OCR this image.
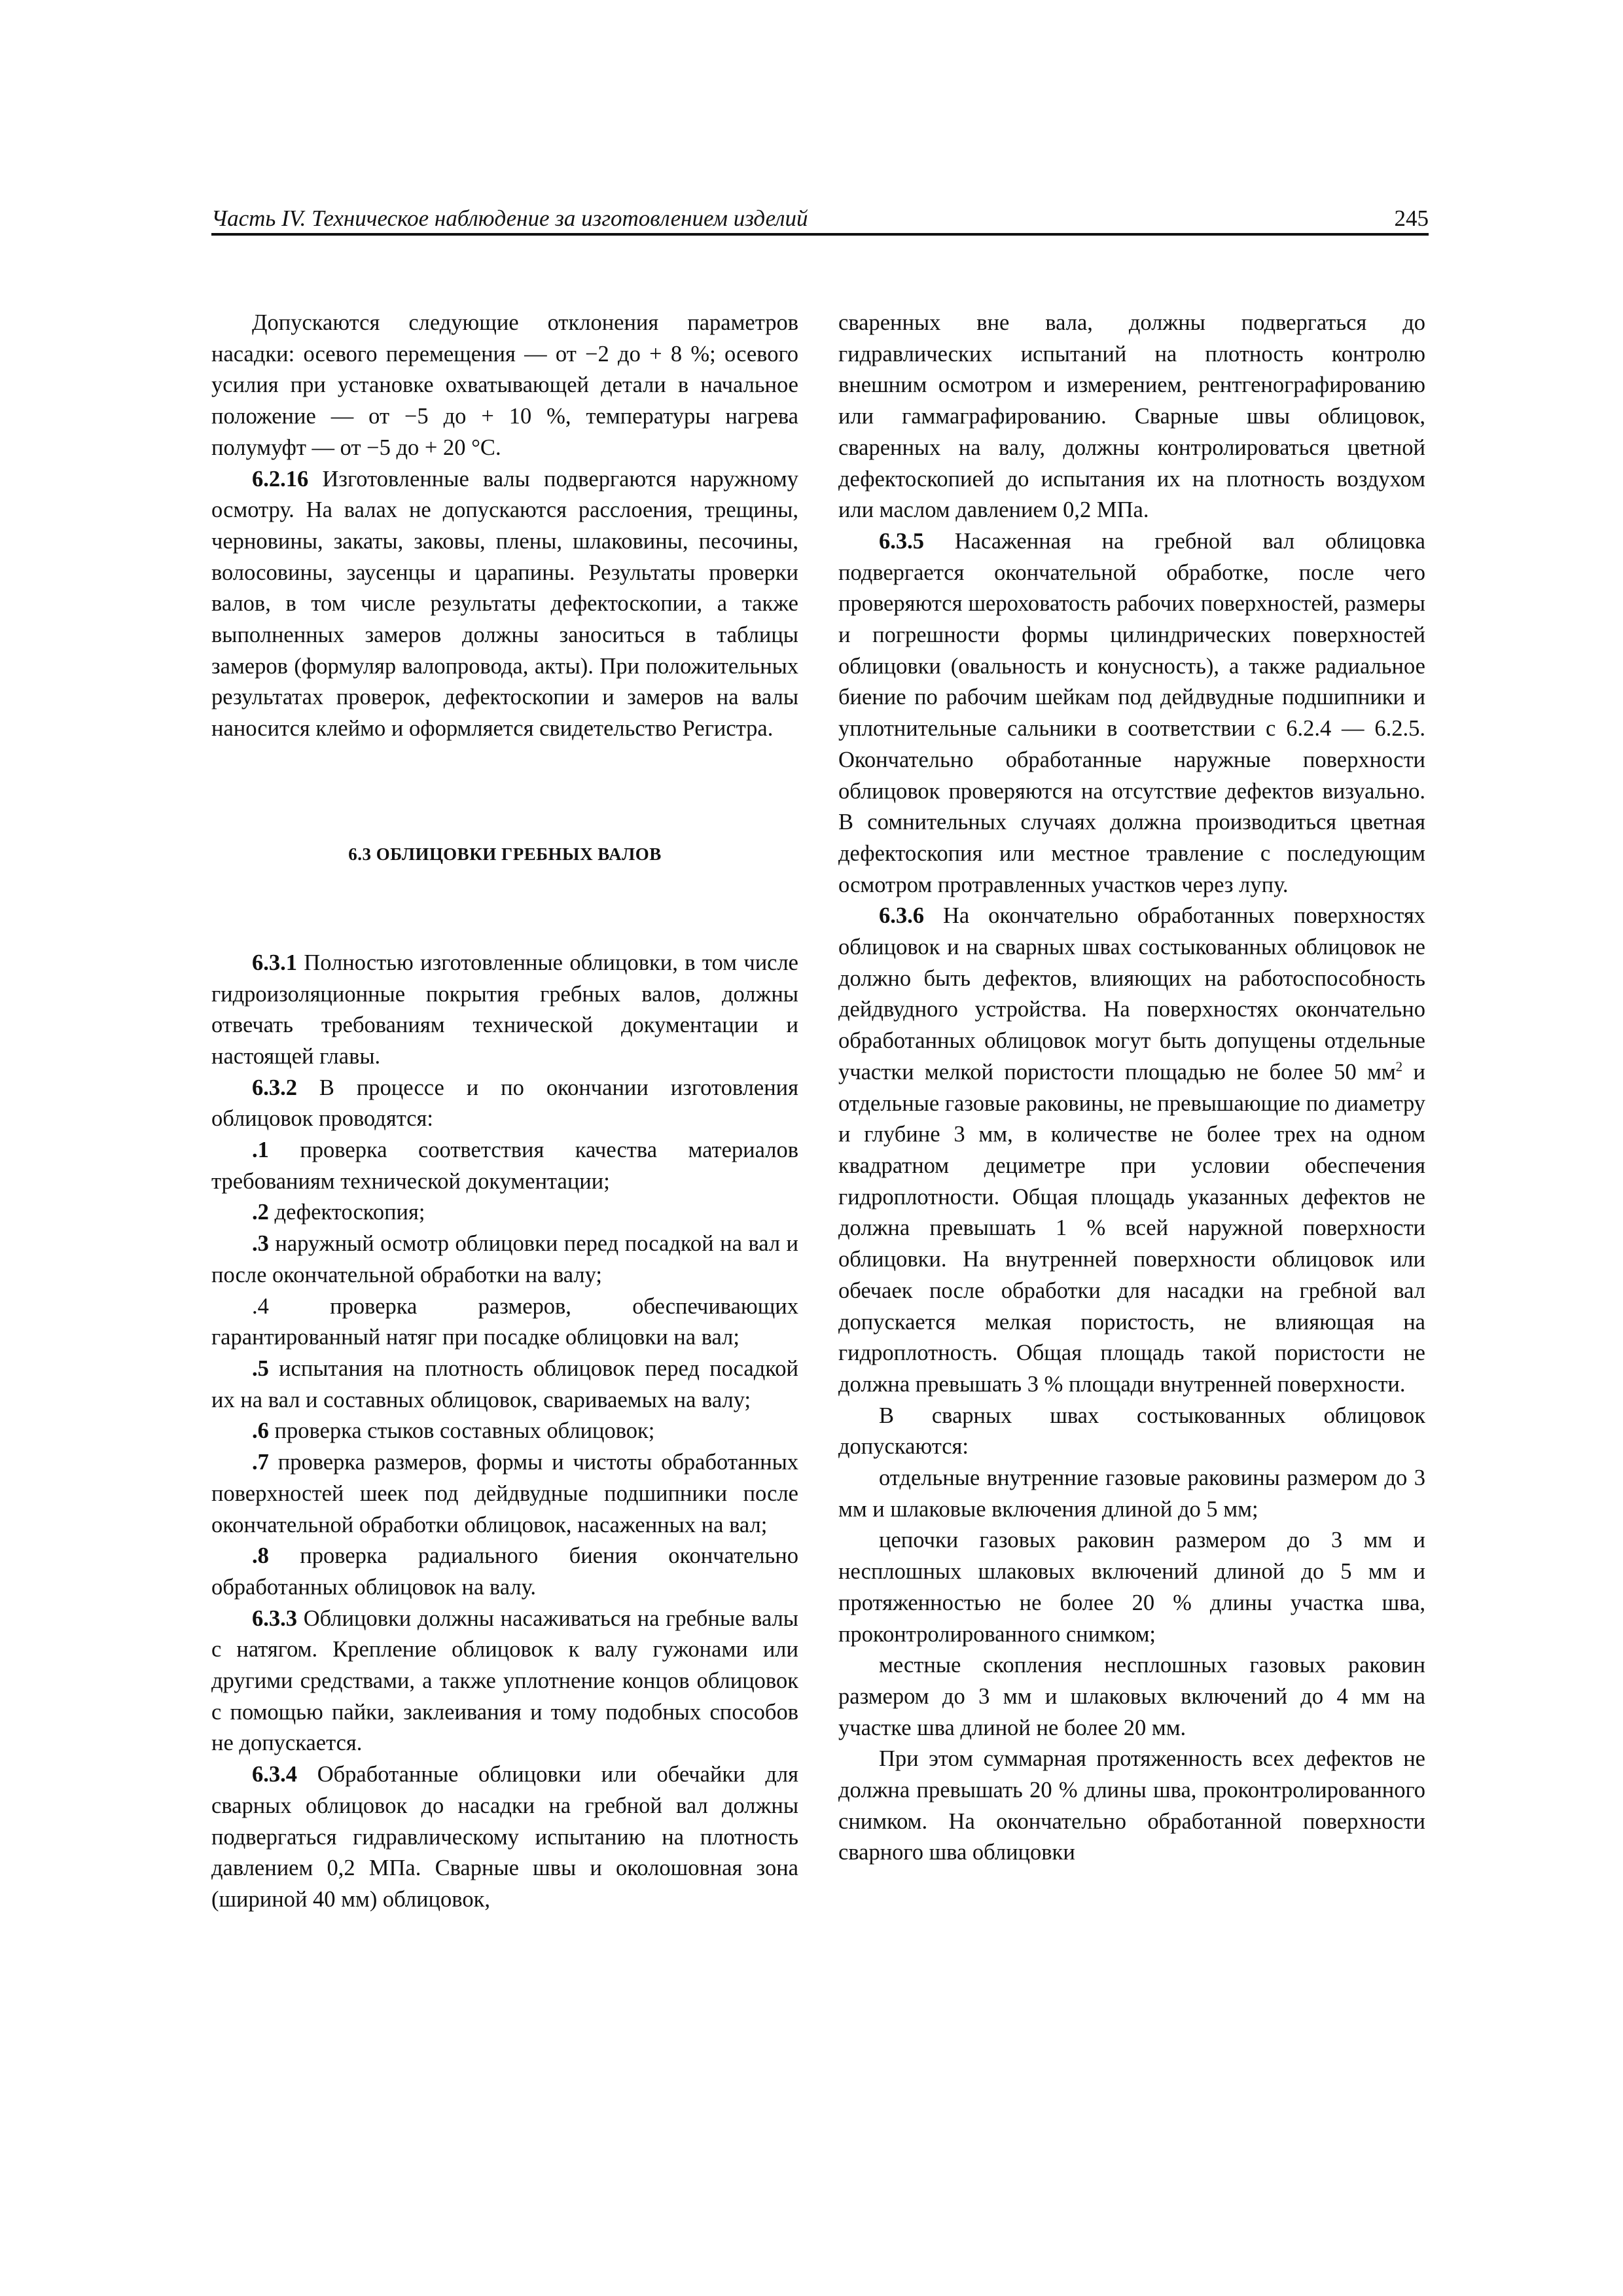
Часть IV. Техническое наблюдение за изготовлением изделий	245

Допускаются следующие отклонения параметров насадки: осевого перемещения — от −2 до + 8 %; осевого усилия при установке охватывающей детали в начальное положение — от −5 до + 10 %, температуры нагрева полумуфт — от −5 до + 20 °С.

6.2.16 Изготовленные валы подвергаются наружному осмотру. На валах не допускаются расслоения, трещины, черновины, закаты, заковы, плены, шлаковины, песочины, волосовины, заусенцы и царапины. Результаты проверки валов, в том числе результаты дефектоскопии, а также выполненных замеров должны заноситься в таблицы замеров (формуляр валопровода, акты). При положительных результатах проверок, дефектоскопии и замеров на валы наносится клеймо и оформляется свидетельство Регистра.

6.3 ОБЛИЦОВКИ ГРЕБНЫХ ВАЛОВ

6.3.1 Полностью изготовленные облицовки, в том числе гидроизоляционные покрытия гребных валов, должны отвечать требованиям технической документации и настоящей главы.

6.3.2 В процессе и по окончании изготовления облицовок проводятся:

.1 проверка соответствия качества материалов требованиям технической документации;

.2 дефектоскопия;

.3 наружный осмотр облицовки перед посадкой на вал и после окончательной обработки на валу;

.4 проверка размеров, обеспечивающих гарантированный натяг при посадке облицовки на вал;

.5 испытания на плотность облицовок перед посадкой их на вал и составных облицовок, свариваемых на валу;

.6 проверка стыков составных облицовок;

.7 проверка размеров, формы и чистоты обработанных поверхностей шеек под дейдвудные подшипники после окончательной обработки облицовок, насаженных на вал;

.8 проверка радиального биения окончательно обработанных облицовок на валу.

6.3.3 Облицовки должны насаживаться на гребные валы с натягом. Крепление облицовок к валу гужонами или другими средствами, а также уплотнение концов облицовок с помощью пайки, заклеивания и тому подобных способов не допускается.

6.3.4 Обработанные облицовки или обечайки для сварных облицовок до насадки на гребной вал должны подвергаться гидравлическому испытанию на плотность давлением 0,2 МПа. Сварные швы и околошовная зона (шириной 40 мм) облицовок,

сваренных вне вала, должны подвергаться до гидравлических испытаний на плотность контролю внешним осмотром и измерением, рентгенографированию или гаммаграфированию. Сварные швы облицовок, сваренных на валу, должны контролироваться цветной дефектоскопией до испытания их на плотность воздухом или маслом давлением 0,2 МПа.

6.3.5 Насаженная на гребной вал облицовка подвергается окончательной обработке, после чего проверяются шероховатость рабочих поверхностей, размеры и погрешности формы цилиндрических поверхностей облицовки (овальность и конусность), а также радиальное биение по рабочим шейкам под дейдвудные подшипники и уплотнительные сальники в соответствии с 6.2.4 — 6.2.5. Окончательно обработанные наружные поверхности облицовок проверяются на отсутствие дефектов визуально. В сомнительных случаях должна производиться цветная дефектоскопия или местное травление с последующим осмотром протравленных участков через лупу.

6.3.6 На окончательно обработанных поверхностях облицовок и на сварных швах состыкованных облицовок не должно быть дефектов, влияющих на работоспособность дейдвудного устройства. На поверхностях окончательно обработанных облицовок могут быть допущены отдельные участки мелкой пористости площадью не более 50 $мм^2$ и отдельные газовые раковины, не превышающие по диаметру и глубине 3 мм, в количестве не более трех на одном квадратном дециметре при условии обеспечения гидроплотности. Общая площадь указанных дефектов не должна превышать 1 % всей наружной поверхности облицовки. На внутренней поверхности облицовок или обечаек после обработки для насадки на гребной вал допускается мелкая пористость, не влияющая на гидроплотность. Общая площадь такой пористости не должна превышать 3 % площади внутренней поверхности.

В сварных швах состыкованных облицовок допускаются:

отдельные внутренние газовые раковины размером до 3 мм и шлаковые включения длиной до 5 мм;

цепочки газовых раковин размером до 3 мм и несплошных шлаковых включений длиной до 5 мм и протяженностью не более 20 % длины участка шва, проконтролированного снимком;

местные скопления несплошных газовых раковин размером до 3 мм и шлаковых включений до 4 мм на участке шва длиной не более 20 мм.

При этом суммарная протяженность всех дефектов не должна превышать 20 % длины шва, проконтролированного снимком. На окончательно обработанной поверхности сварного шва облицовки
